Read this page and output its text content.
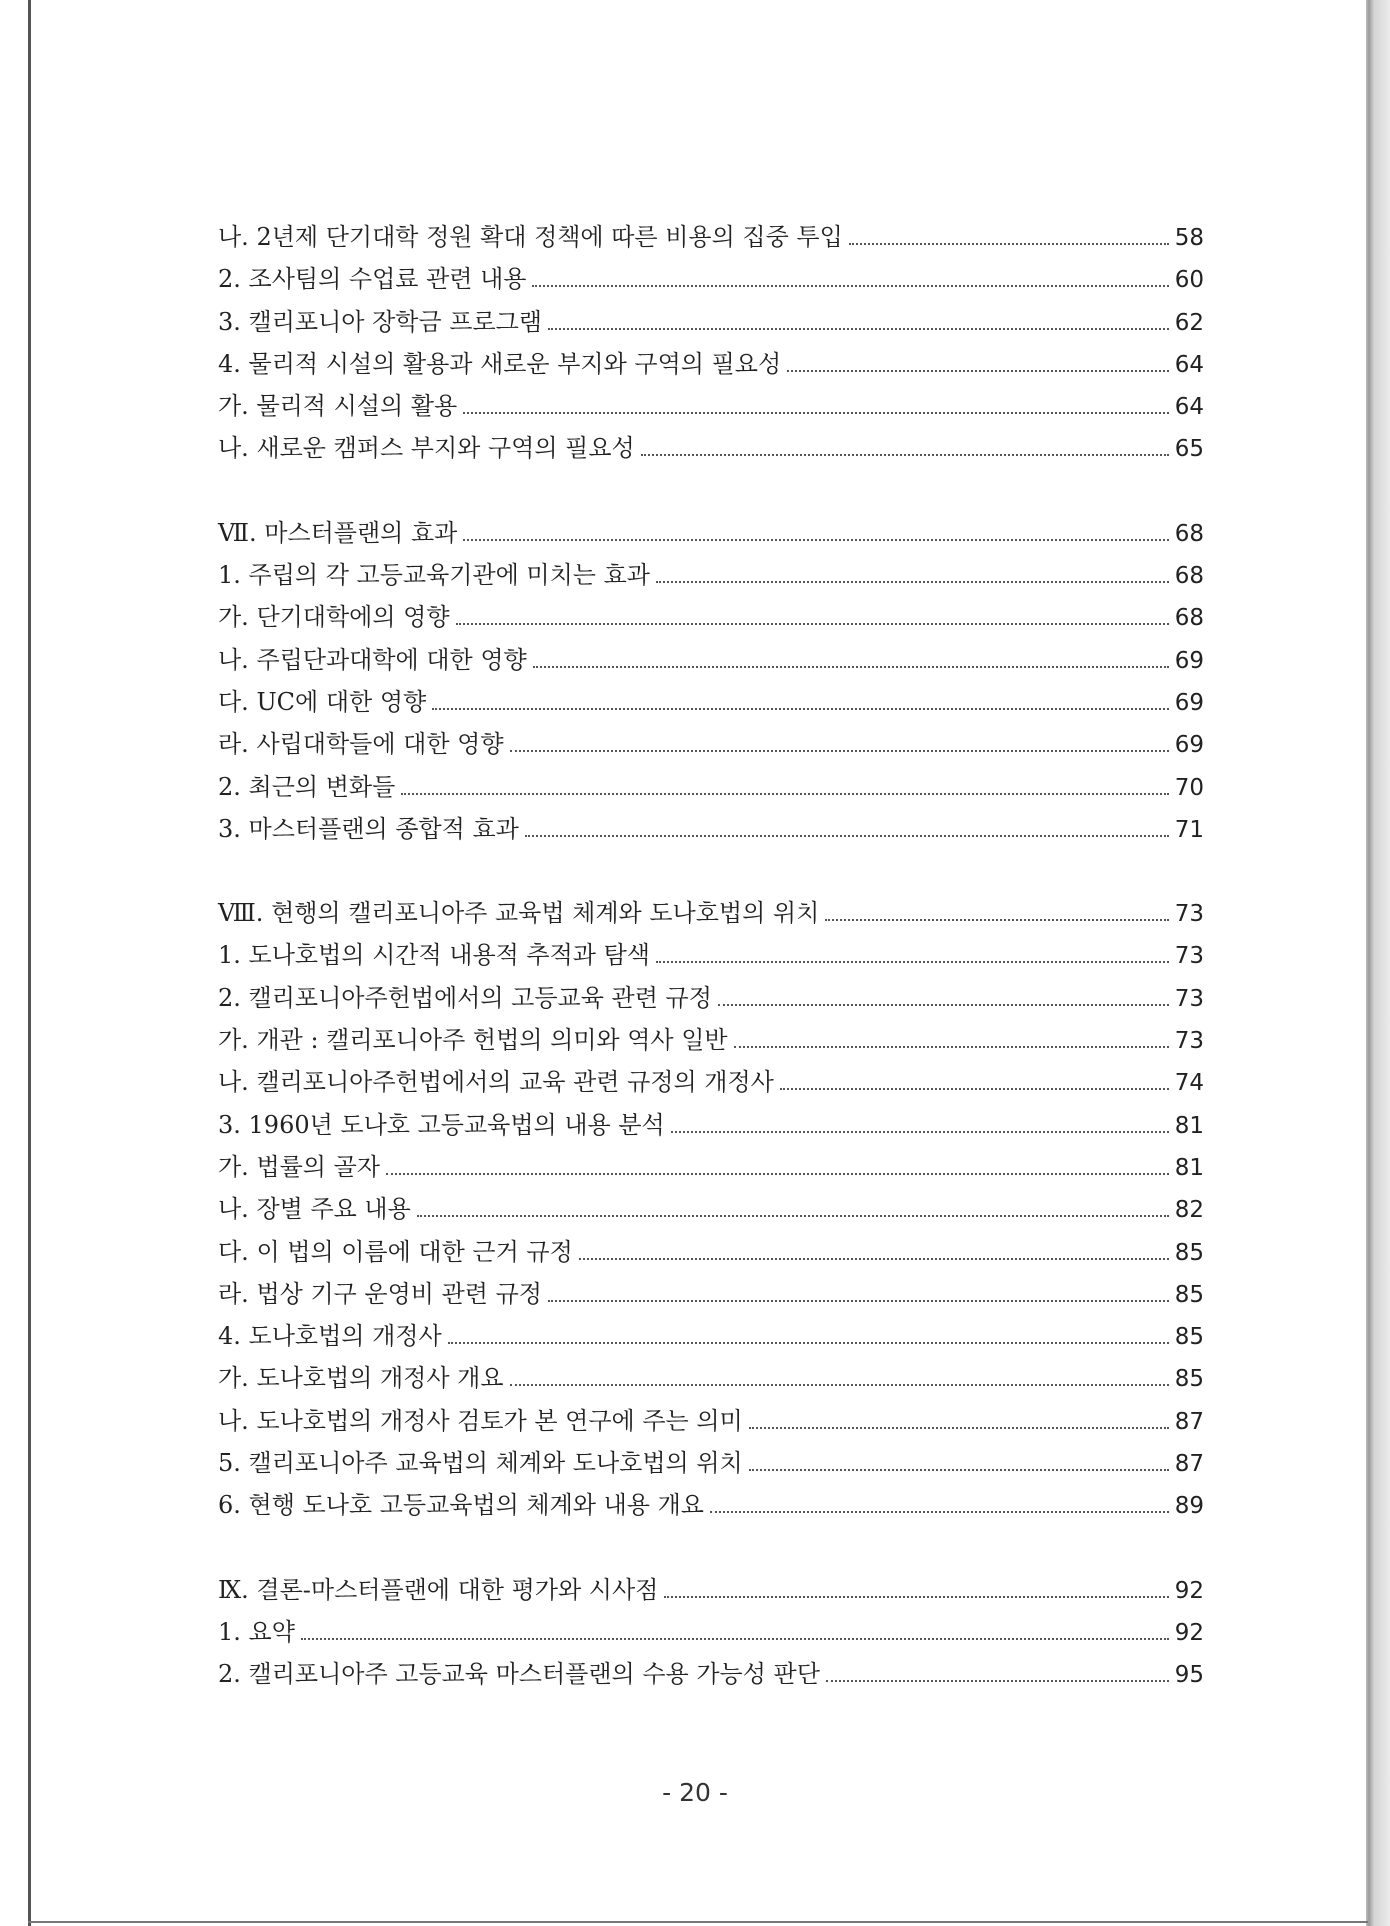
나. 2년제 단기대학 정원 확대 정책에 따른 비용의 집중 투입	58
2. 조사팀의 수업료 관련 내용	60
3. 캘리포니아 장학금 프로그램	62
4. 물리적 시설의 활용과 새로운 부지와 구역의 필요성	64
가. 물리적 시설의 활용	64
나. 새로운 캠퍼스 부지와 구역의 필요성	65
Ⅶ. 마스터플랜의 효과	68
1. 주립의 각 고등교육기관에 미치는 효과	68
가. 단기대학에의 영향	68
나. 주립단과대학에 대한 영향	69
다. UC에 대한 영향	69
라. 사립대학들에 대한 영향	69
2. 최근의 변화들	70
3. 마스터플랜의 종합적 효과	71
Ⅷ. 현행의 캘리포니아주 교육법 체계와 도나호법의 위치	73
1. 도나호법의 시간적 내용적 추적과 탐색	73
2. 캘리포니아주헌법에서의 고등교육 관련 규정	73
가. 개관 : 캘리포니아주 헌법의 의미와 역사 일반	73
나. 캘리포니아주헌법에서의 교육 관련 규정의 개정사	74
3. 1960년 도나호 고등교육법의 내용 분석	81
가. 법률의 골자	81
나. 장별 주요 내용	82
다. 이 법의 이름에 대한 근거 규정	85
라. 법상 기구 운영비 관련 규정	85
4. 도나호법의 개정사	85
가. 도나호법의 개정사 개요	85
나. 도나호법의 개정사 검토가 본 연구에 주는 의미	87
5. 캘리포니아주 교육법의 체계와 도나호법의 위치	87
6. 현행 도나호 고등교육법의 체계와 내용 개요	89
Ⅸ. 결론-마스터플랜에 대한 평가와 시사점	92
1. 요약	92
2. 캘리포니아주 고등교육 마스터플랜의 수용 가능성 판단	95
- 20 -
